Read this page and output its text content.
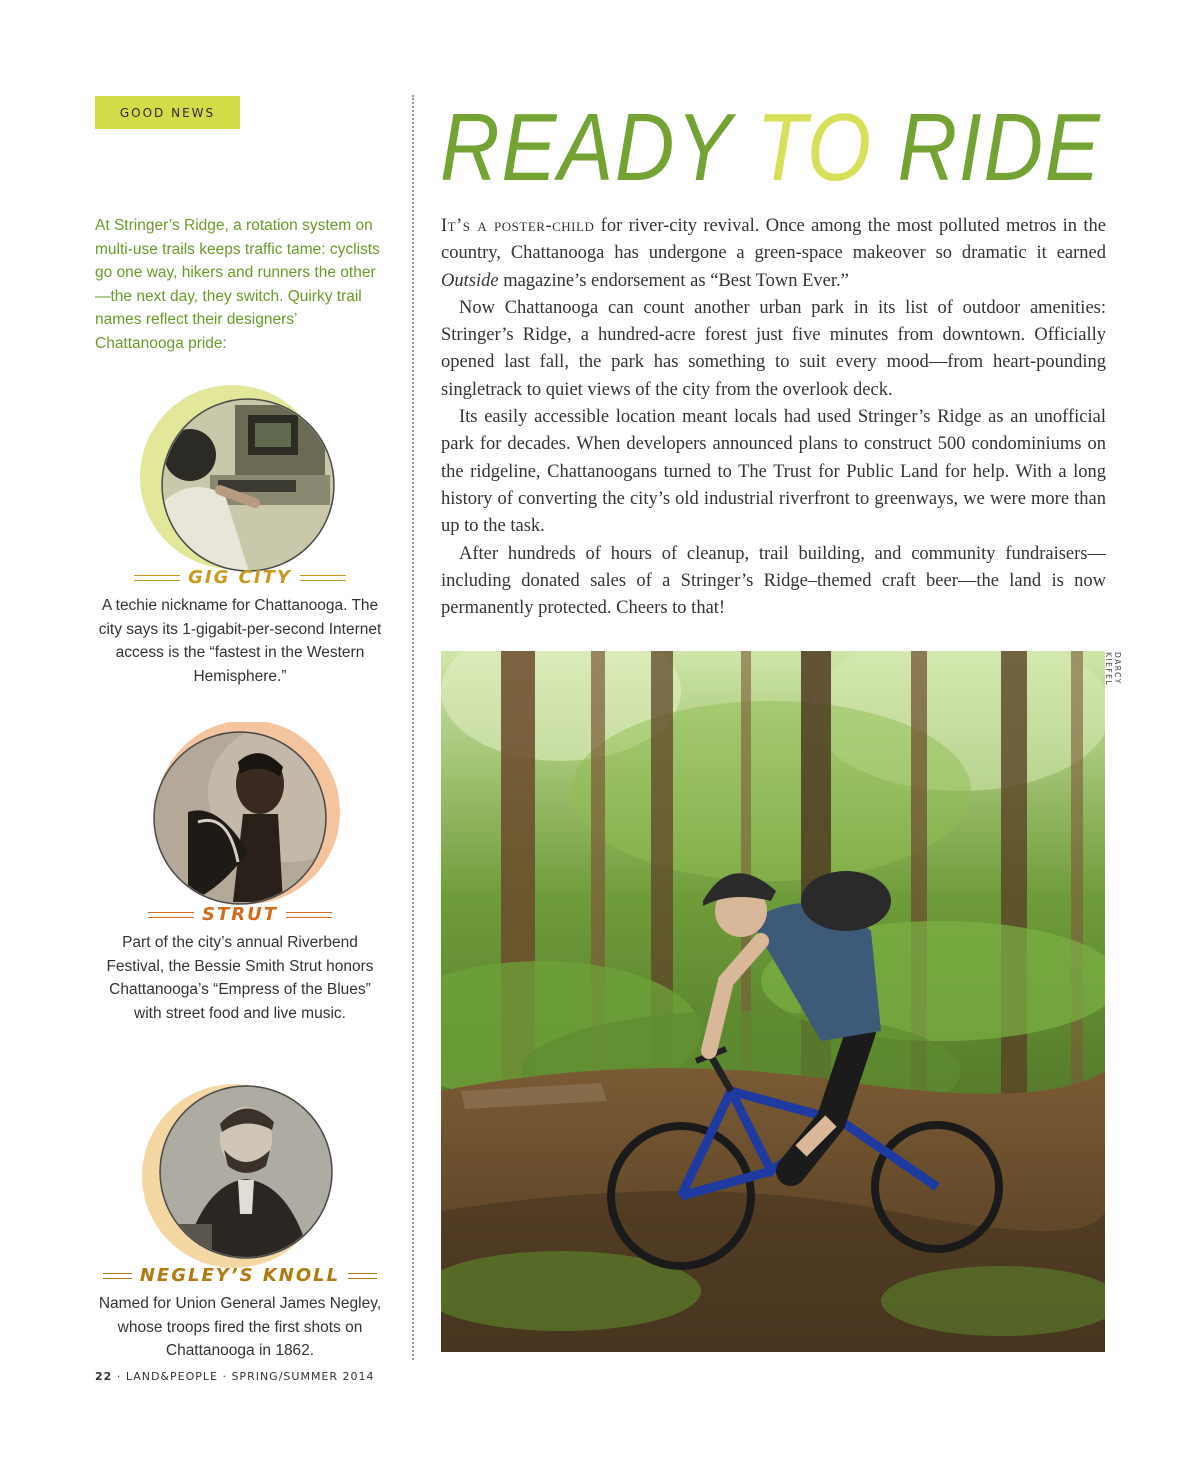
GOOD NEWS
At Stringer’s Ridge, a rotation system on multi-use trails keeps traffic tame: cyclists go one way, hikers and runners the other—the next day, they switch. Quirky trail names reflect their designers’ Chattanooga pride:
READY TO RIDE

It’s a poster-child for river-city revival. Once among the most polluted metros in the country, Chattanooga has undergone a green-space makeover so dramatic it earned Outside magazine’s endorsement as “Best Town Ever.”

Now Chattanooga can count another urban park in its list of outdoor amenities: Stringer’s Ridge, a hundred-acre forest just five minutes from downtown. Officially opened last fall, the park has something to suit every mood—from heart-pounding singletrack to quiet views of the city from the overlook deck.

Its easily accessible location meant locals had used Stringer’s Ridge as an unofficial park for decades. When developers announced plans to construct 500 condominiums on the ridgeline, Chattanoogans turned to The Trust for Public Land for help. With a long history of converting the city’s old industrial riverfront to greenways, we were more than up to the task.

After hundreds of hours of cleanup, trail building, and community fundraisers—including donated sales of a Stringer’s Ridge–themed craft beer—the land is now permanently protected. Cheers to that!

DARCY KIEFEL
GIG CITY
A techie nickname for Chattanooga. The city says its 1-gigabit-per-second Internet access is the “fastest in the Western Hemisphere.”
STRUT
Part of the city’s annual Riverbend Festival, the Bessie Smith Strut honors Chattanooga’s “Empress of the Blues” with street food and live music.
NEGLEY’S KNOLL
Named for Union General James Negley, whose troops fired the first shots on Chattanooga in 1862.
22 · LAND&PEOPLE · SPRING/SUMMER 2014
